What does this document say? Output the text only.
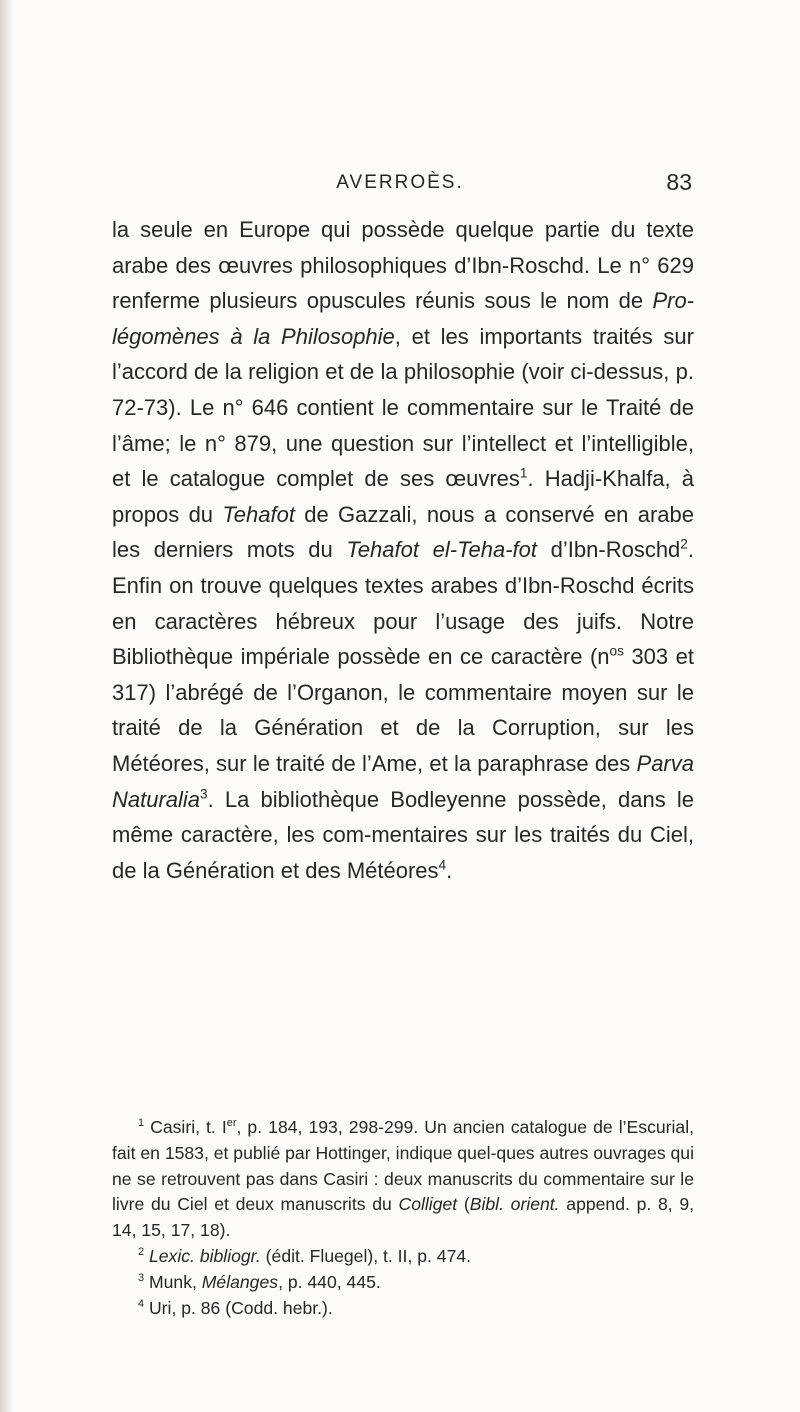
AVERROÈS.	83

la seule en Europe qui possède quelque partie du texte arabe des œuvres philosophiques d’Ibn-Roschd. Le n° 629 renferme plusieurs opuscules réunis sous le nom de Pro-légomènes à la Philosophie, et les importants traités sur l’accord de la religion et de la philosophie (voir ci-dessus, p. 72-73). Le n° 646 contient le commentaire sur le Traité de l’âme; le n° 879, une question sur l’intellect et l’intelligible, et le catalogue complet de ses œuvres$^1$. Hadji-Khalfa, à propos du Tehafot de Gazzali, nous a conservé en arabe les derniers mots du Tehafot el-Teha-fot d’Ibn-Roschd$^2$. Enfin on trouve quelques textes arabes d’Ibn-Roschd écrits en caractères hébreux pour l’usage des juifs. Notre Bibliothèque impériale possède en ce caractère ($n^{os}$ 303 et 317) l’abrégé de l’Organon, le commentaire moyen sur le traité de la Génération et de la Corruption, sur les Météores, sur le traité de l’Ame, et la paraphrase des Parva Naturalia$^3$. La bibliothèque Bodleyenne possède, dans le même caractère, les com-mentaires sur les traités du Ciel, de la Génération et des Météores$^4$.

$^1$ Casiri, t. Ier, p. 184, 193, 298-299. Un ancien catalogue de l’Escurial, fait en 1583, et publié par Hottinger, indique quel-ques autres ouvrages qui ne se retrouvent pas dans Casiri : deux manuscrits du commentaire sur le livre du Ciel et deux manuscrits du Colliget (Bibl. orient. append. p. 8, 9, 14, 15, 17, 18).

$^2$ Lexic. bibliogr. (édit. Fluegel), t. II, p. 474.

$^3$ Munk, Mélanges, p. 440, 445.

$^4$ Uri, p. 86 (Codd. hebr.).
